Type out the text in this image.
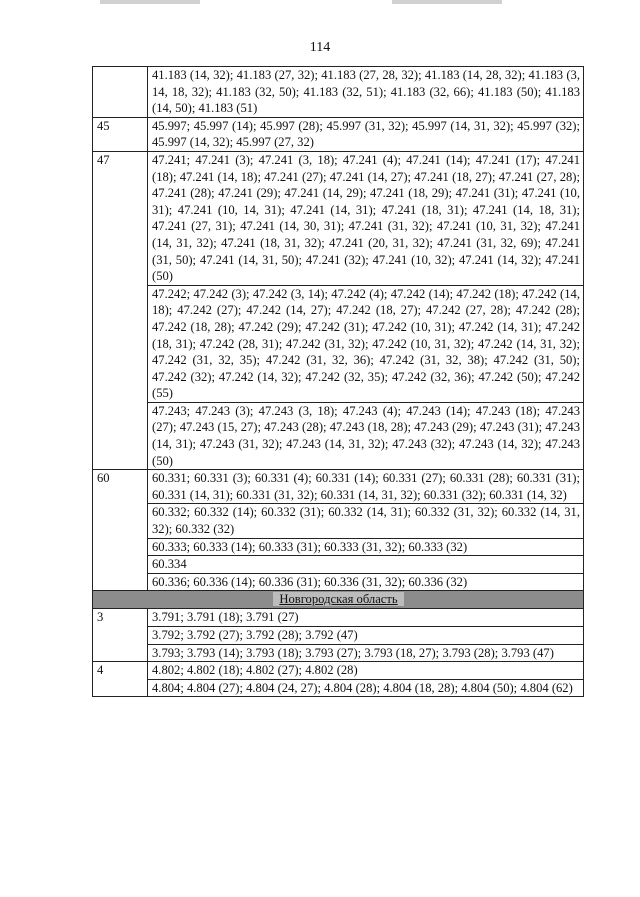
114
	41.183 (14, 32); 41.183 (27, 32); 41.183 (27, 28, 32); 41.183 (14, 28, 32); 41.183 (3, 14, 18, 32); 41.183 (32, 50); 41.183 (32, 51); 41.183 (32, 66); 41.183 (50); 41.183 (14, 50); 41.183 (51)
45	45.997; 45.997 (14); 45.997 (28); 45.997 (31, 32); 45.997 (14, 31, 32); 45.997 (32); 45.997 (14, 32); 45.997 (27, 32)
47	47.241; 47.241 (3); 47.241 (3, 18); 47.241 (4); 47.241 (14); 47.241 (17); 47.241 (18); 47.241 (14, 18); 47.241 (27); 47.241 (14, 27); 47.241 (18, 27); 47.241 (27, 28); 47.241 (28); 47.241 (29); 47.241 (14, 29); 47.241 (18, 29); 47.241 (31); 47.241 (10, 31); 47.241 (10, 14, 31); 47.241 (14, 31); 47.241 (18, 31); 47.241 (14, 18, 31); 47.241 (27, 31); 47.241 (14, 30, 31); 47.241 (31, 32); 47.241 (10, 31, 32); 47.241 (14, 31, 32); 47.241 (18, 31, 32); 47.241 (20, 31, 32); 47.241 (31, 32, 69); 47.241 (31, 50); 47.241 (14, 31, 50); 47.241 (32); 47.241 (10, 32); 47.241 (14, 32); 47.241 (50)
	47.242; 47.242 (3); 47.242 (3, 14); 47.242 (4); 47.242 (14); 47.242 (18); 47.242 (14, 18); 47.242 (27); 47.242 (14, 27); 47.242 (18, 27); 47.242 (27, 28); 47.242 (28); 47.242 (18, 28); 47.242 (29); 47.242 (31); 47.242 (10, 31); 47.242 (14, 31); 47.242 (18, 31); 47.242 (28, 31); 47.242 (31, 32); 47.242 (10, 31, 32); 47.242 (14, 31, 32); 47.242 (31, 32, 35); 47.242 (31, 32, 36); 47.242 (31, 32, 38); 47.242 (31, 50); 47.242 (32); 47.242 (14, 32); 47.242 (32, 35); 47.242 (32, 36); 47.242 (50); 47.242 (55)
	47.243; 47.243 (3); 47.243 (3, 18); 47.243 (4); 47.243 (14); 47.243 (18); 47.243 (27); 47.243 (15, 27); 47.243 (28); 47.243 (18, 28); 47.243 (29); 47.243 (31); 47.243 (14, 31); 47.243 (31, 32); 47.243 (14, 31, 32); 47.243 (32); 47.243 (14, 32); 47.243 (50)
60	60.331; 60.331 (3); 60.331 (4); 60.331 (14); 60.331 (27); 60.331 (28); 60.331 (31); 60.331 (14, 31); 60.331 (31, 32); 60.331 (14, 31, 32); 60.331 (32); 60.331 (14, 32)
	60.332; 60.332 (14); 60.332 (31); 60.332 (14, 31); 60.332 (31, 32); 60.332 (14, 31, 32); 60.332 (32)
	60.333; 60.333 (14); 60.333 (31); 60.333 (31, 32); 60.333 (32)
	60.334
	60.336; 60.336 (14); 60.336 (31); 60.336 (31, 32); 60.336 (32)
Новгородская область	
3	3.791; 3.791 (18); 3.791 (27)
	3.792; 3.792 (27); 3.792 (28); 3.792 (47)
	3.793; 3.793 (14); 3.793 (18); 3.793 (27); 3.793 (18, 27); 3.793 (28); 3.793 (47)
4	4.802; 4.802 (18); 4.802 (27); 4.802 (28)
	4.804; 4.804 (27); 4.804 (24, 27); 4.804 (28); 4.804 (18, 28); 4.804 (50); 4.804 (62)
